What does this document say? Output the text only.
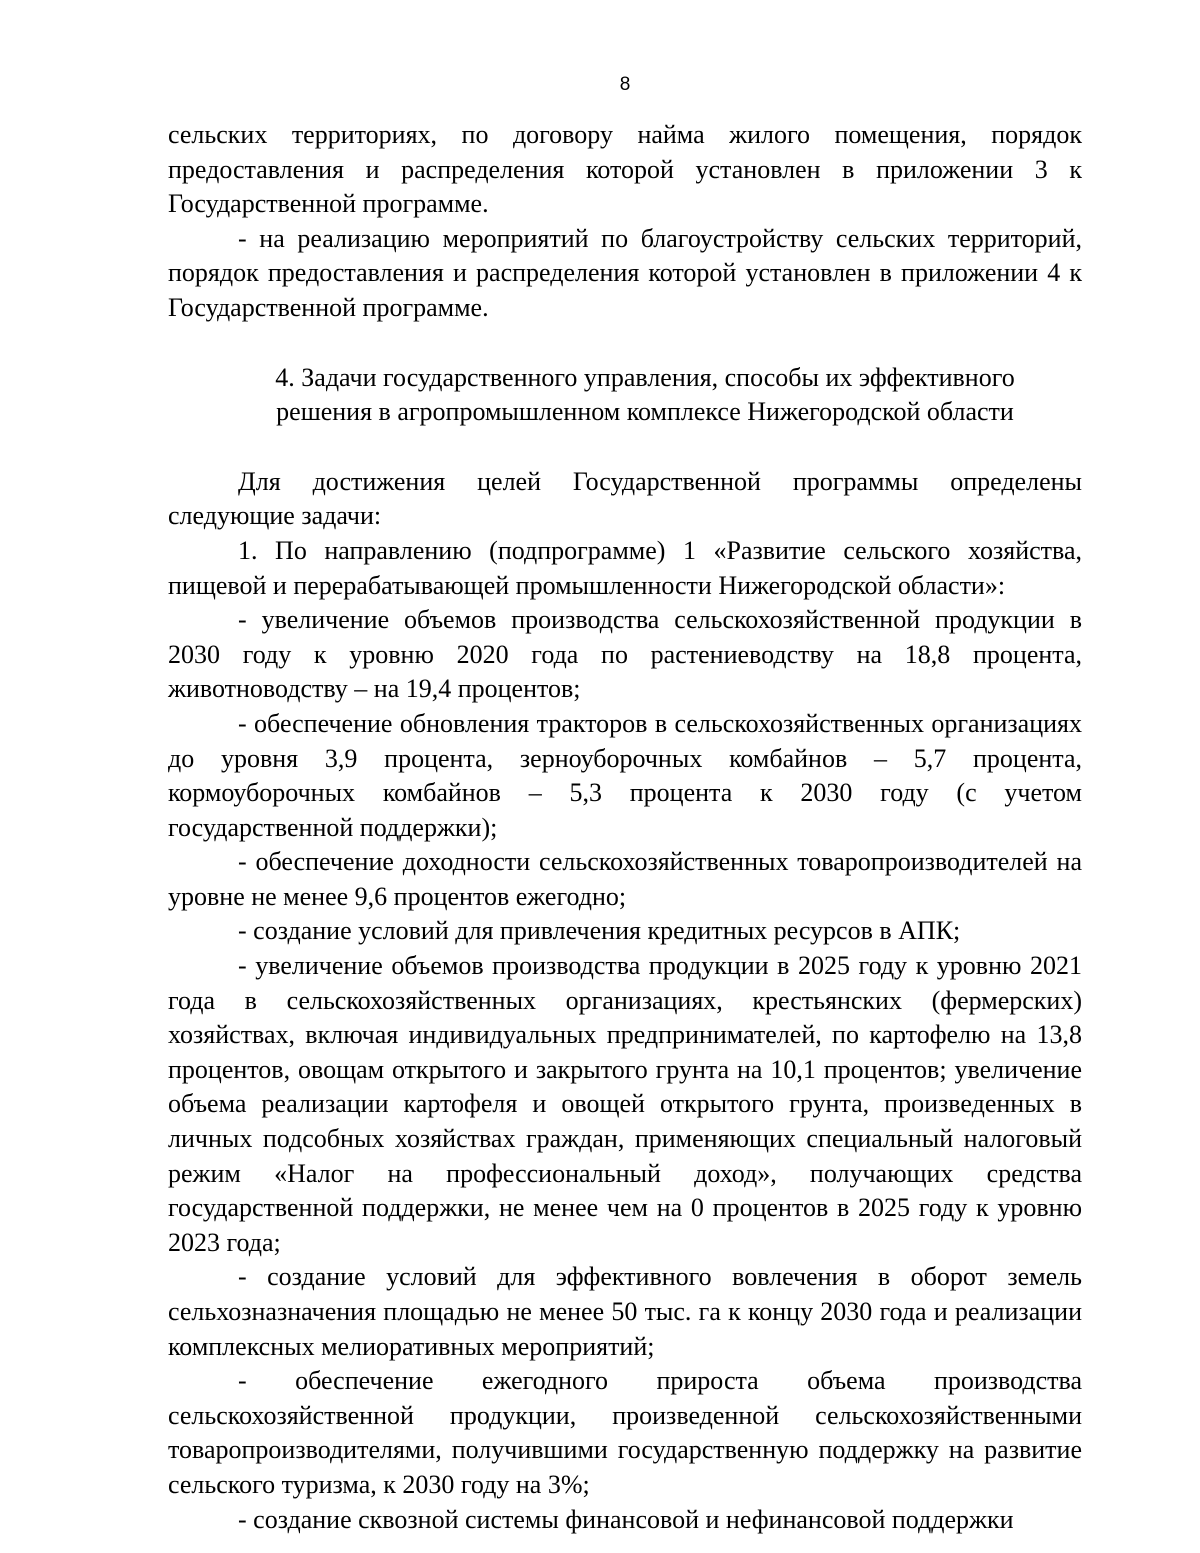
8

сельских территориях, по договору найма жилого помещения, порядок предоставления и распределения которой установлен в приложении 3 к Государственной программе.

- на реализацию мероприятий по благоустройству сельских территорий, порядок предоставления и распределения которой установлен в приложении 4 к Государственной программе.

4. Задачи государственного управления, способы их эффективного
решения в агропромышленном комплексе Нижегородской области

Для достижения целей Государственной программы определены следующие задачи:

1. По направлению (подпрограмме) 1 «Развитие сельского хозяйства, пищевой и перерабатывающей промышленности Нижегородской области»:

- увеличение объемов производства сельскохозяйственной продукции в 2030 году к уровню 2020 года по растениеводству на 18,8 процента, животноводству – на 19,4 процентов;

- обеспечение обновления тракторов в сельскохозяйственных организациях до уровня 3,9 процента, зерноуборочных комбайнов – 5,7 процента, кормоуборочных комбайнов – 5,3 процента к 2030 году (с учетом государственной поддержки);

- обеспечение доходности сельскохозяйственных товаропроизводителей на уровне не менее 9,6 процентов ежегодно;

- создание условий для привлечения кредитных ресурсов в АПК;

- увеличение объемов производства продукции в 2025 году к уровню 2021 года в сельскохозяйственных организациях, крестьянских (фермерских) хозяйствах, включая индивидуальных предпринимателей, по картофелю на 13,8 процентов, овощам открытого и закрытого грунта на 10,1 процентов; увеличение объема реализации картофеля и овощей открытого грунта, произведенных в личных подсобных хозяйствах граждан, применяющих специальный налоговый режим «Налог на профессиональный доход», получающих средства государственной поддержки, не менее чем на 0 процентов в 2025 году к уровню 2023 года;

- создание условий для эффективного вовлечения в оборот земель сельхозназначения площадью не менее 50 тыс. га к концу 2030 года и реализации комплексных мелиоративных мероприятий;

- обеспечение ежегодного прироста объема производства сельскохозяйственной продукции, произведенной сельскохозяйственными товаропроизводителями, получившими государственную поддержку на развитие сельского туризма, к 2030 году на 3%;

- создание сквозной системы финансовой и нефинансовой поддержки
